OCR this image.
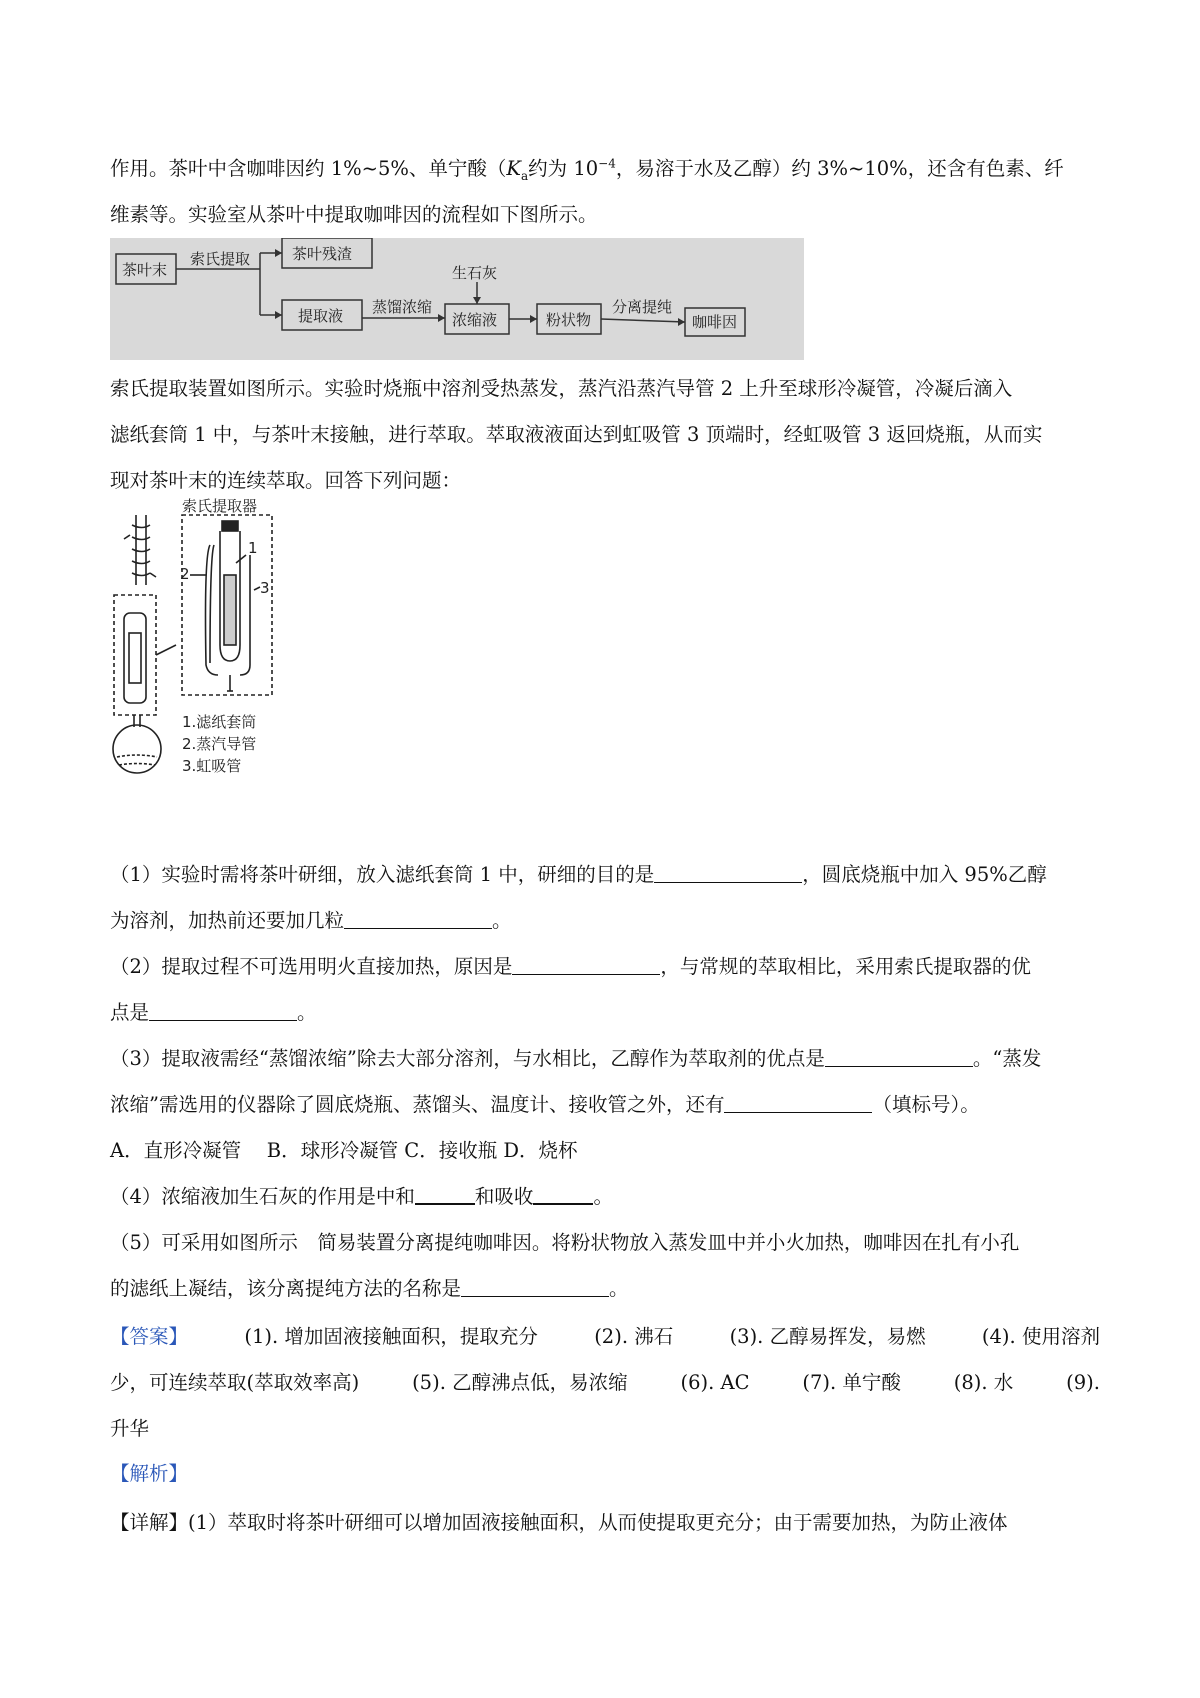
作用。茶叶中含咖啡因约 1%~5%、单宁酸（$K_a$约为 $10^{-4}$，易溶于水及乙醇）约 3%~10%，还含有色素、纤

维素等。实验室从茶叶中提取咖啡因的流程如下图所示。

茶叶末
索氏提取	茶叶残渣
提取液 蒸馏浓缩
生石灰
浓缩液	粉状物
分离提纯
咖啡因

索氏提取装置如图所示。实验时烧瓶中溶剂受热蒸发，蒸汽沿蒸汽导管 2 上升至球形冷凝管，冷凝后滴入

滤纸套筒 1 中，与茶叶末接触，进行萃取。萃取液液面达到虹吸管 3 顶端时，经虹吸管 3 返回烧瓶，从而实

现对茶叶末的连续萃取。回答下列问题：

索氏提取器
1
2
3
1.滤纸套筒
2.蒸汽导管
3.虹吸管

（1）实验时需将茶叶研细，放入滤纸套筒 1 中，研细的目的是	，圆底烧瓶中加入 95%乙醇

为溶剂，加热前还要加几粒	。

（2）提取过程不可选用明火直接加热，原因是	，与常规的萃取相比，采用索氏提取器的优

点是	。

（3）提取液需经“蒸馏浓缩”除去大部分溶剂，与水相比，乙醇作为萃取剂的优点是	。“蒸发

浓缩”需选用的仪器除了圆底烧瓶、蒸馏头、温度计、接收管之外，还有	（填标号）。

A．直形冷凝管　 B．球形冷凝管 C．接收瓶 D．烧杯

（4）浓缩液加生石灰的作用是中和	和吸收	。

（5）可采用如图所示　简易装置分离提纯咖啡因。将粉状物放入蒸发皿中并小火加热，咖啡因在扎有小孔

的滤纸上凝结，该分离提纯方法的名称是	。

【答案】	(1). 增加固液接触面积，提取充分	(2). 沸石	(3). 乙醇易挥发，易燃	(4). 使用溶剂
少，可连续萃取(萃取效率高)	(5). 乙醇沸点低，易浓缩	(6). AC	(7). 单宁酸	(8). 水	(9).

升华

【解析】

【详解】(1）萃取时将茶叶研细可以增加固液接触面积，从而使提取更充分；由于需要加热，为防止液体
